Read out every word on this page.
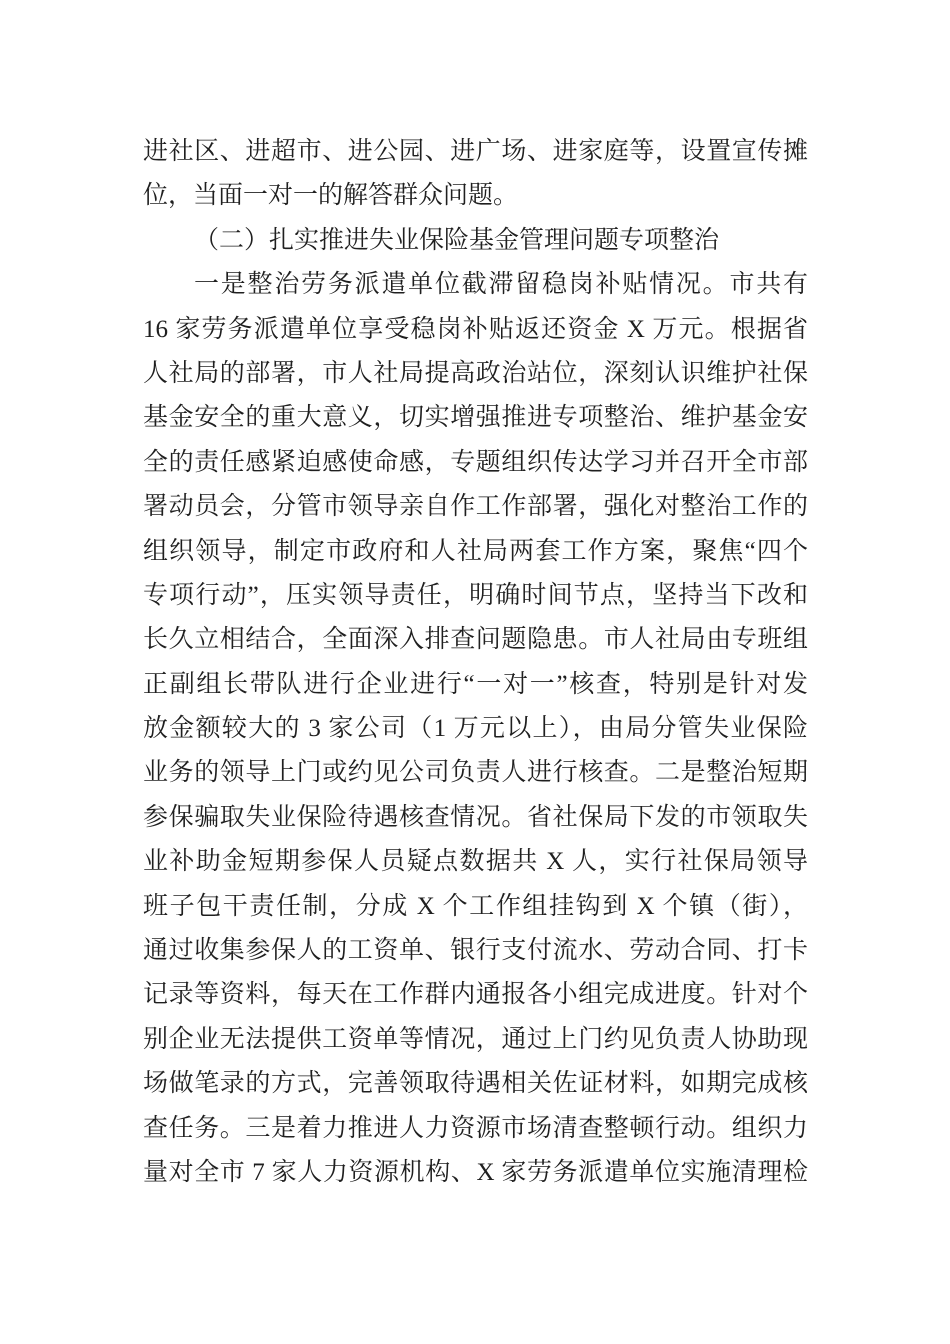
进社区、进超市、进公园、进广场、进家庭等，设置宣传摊
位，当面一对一的解答群众问题。
（二）扎实推进失业保险基金管理问题专项整治
一是整治劳务派遣单位截滞留稳岗补贴情况。市共有
16 家劳务派遣单位享受稳岗补贴返还资金 X 万元。根据省
人社局的部署，市人社局提高政治站位，深刻认识维护社保
基金安全的重大意义，切实增强推进专项整治、维护基金安
全的责任感紧迫感使命感，专题组织传达学习并召开全市部
署动员会，分管市领导亲自作工作部署，强化对整治工作的
组织领导，制定市政府和人社局两套工作方案，聚焦“四个
专项行动”，压实领导责任，明确时间节点，坚持当下改和
长久立相结合，全面深入排查问题隐患。市人社局由专班组
正副组长带队进行企业进行“一对一”核查，特别是针对发
放金额较大的 3 家公司（1 万元以上），由局分管失业保险
业务的领导上门或约见公司负责人进行核查。二是整治短期
参保骗取失业保险待遇核查情况。省社保局下发的市领取失
业补助金短期参保人员疑点数据共 X 人，实行社保局领导
班子包干责任制，分成 X 个工作组挂钩到 X 个镇（街），
通过收集参保人的工资单、银行支付流水、劳动合同、打卡
记录等资料，每天在工作群内通报各小组完成进度。针对个
别企业无法提供工资单等情况，通过上门约见负责人协助现
场做笔录的方式，完善领取待遇相关佐证材料，如期完成核
查任务。三是着力推进人力资源市场清查整顿行动。组织力
量对全市 7 家人力资源机构、X 家劳务派遣单位实施清理检
